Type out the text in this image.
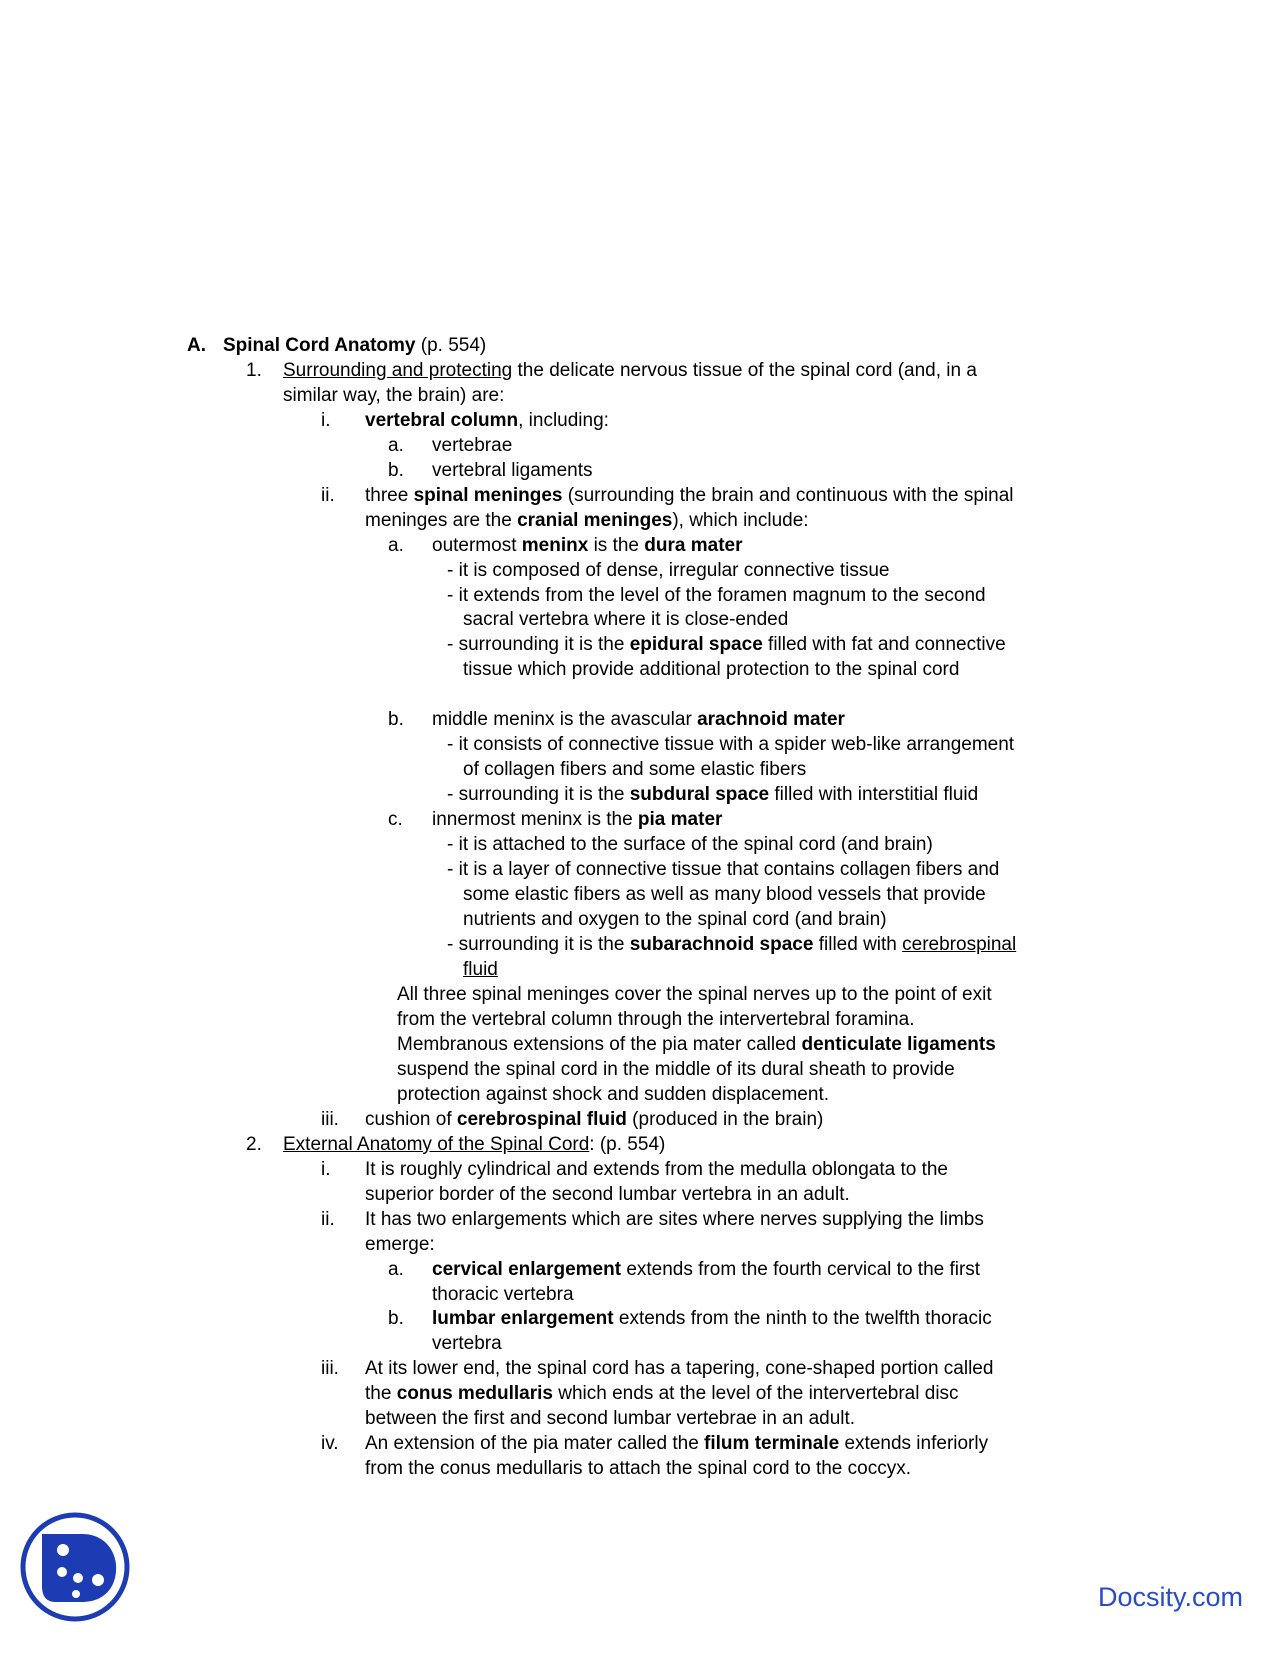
A. Spinal Cord Anatomy (p. 554)
1. Surrounding and protecting the delicate nervous tissue of the spinal cord (and, in a
similar way, the brain) are:
i. vertebral column, including:
a. vertebrae
b. vertebral ligaments
ii. three spinal meninges (surrounding the brain and continuous with the spinal
meninges are the cranial meninges), which include:
a. outermost meninx is the dura mater
- it is composed of dense, irregular connective tissue
- it extends from the level of the foramen magnum to the second
sacral vertebra where it is close-ended
- surrounding it is the epidural space filled with fat and connective
tissue which provide additional protection to the spinal cord
b. middle meninx is the avascular arachnoid mater
- it consists of connective tissue with a spider web-like arrangement
of collagen fibers and some elastic fibers
- surrounding it is the subdural space filled with interstitial fluid
c. innermost meninx is the pia mater
- it is attached to the surface of the spinal cord (and brain)
- it is a layer of connective tissue that contains collagen fibers and
some elastic fibers as well as many blood vessels that provide
nutrients and oxygen to the spinal cord (and brain)
- surrounding it is the subarachnoid space filled with cerebrospinal
fluid
All three spinal meninges cover the spinal nerves up to the point of exit
from the vertebral column through the intervertebral foramina.
Membranous extensions of the pia mater called denticulate ligaments
suspend the spinal cord in the middle of its dural sheath to provide
protection against shock and sudden displacement.
iii. cushion of cerebrospinal fluid (produced in the brain)
2. External Anatomy of the Spinal Cord: (p. 554)
i. It is roughly cylindrical and extends from the medulla oblongata to the
superior border of the second lumbar vertebra in an adult.
ii. It has two enlargements which are sites where nerves supplying the limbs
emerge:
a. cervical enlargement extends from the fourth cervical to the first
thoracic vertebra
b. lumbar enlargement extends from the ninth to the twelfth thoracic
vertebra
iii. At its lower end, the spinal cord has a tapering, cone-shaped portion called
the conus medullaris which ends at the level of the intervertebral disc
between the first and second lumbar vertebrae in an adult.
iv. An extension of the pia mater called the filum terminale extends inferiorly
from the conus medullaris to attach the spinal cord to the coccyx.
Docsity.com
